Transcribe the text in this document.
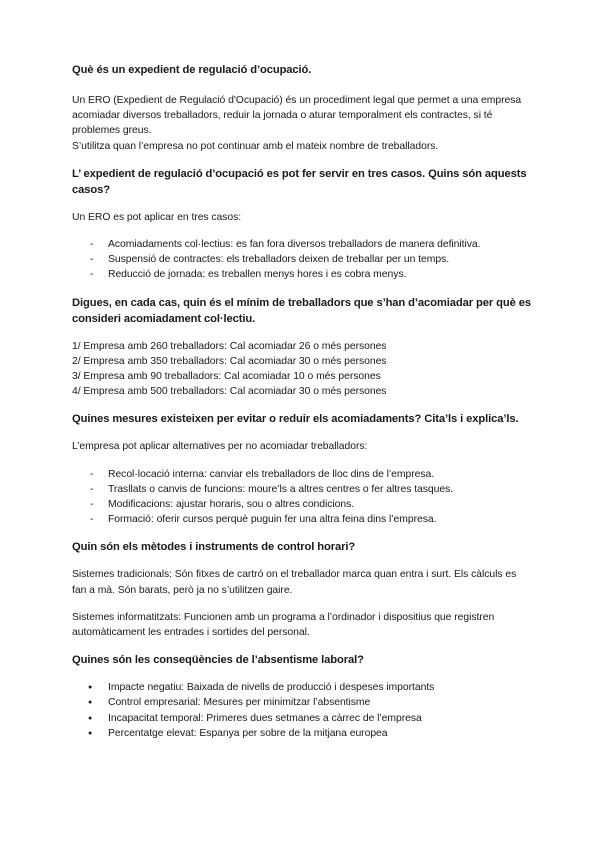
Què és un expedient de regulació d’ocupació.
Un ERO (Expedient de Regulació d'Ocupació) és un procediment legal que permet a una empresa acomiadar diversos treballadors, reduir la jornada o aturar temporalment els contractes, si té problemes greus.
S’utilitza quan l’empresa no pot continuar amb el mateix nombre de treballadors.
L’ expedient de regulació d’ocupació es pot fer servir en tres casos. Quins són aquests casos?
Un ERO es pot aplicar en tres casos:
- Acomiadaments col·lectius: es fan fora diversos treballadors de manera definitiva.
- Suspensió de contractes: els treballadors deixen de treballar per un temps.
- Reducció de jornada: es treballen menys hores i es cobra menys.
Digues, en cada cas, quin és el mínim de treballadors que s’han d’acomiadar per què es consideri acomiadament col·lectiu.
1/ Empresa amb 260 treballadors: Cal acomiadar 26 o més persones
2/ Empresa amb 350 treballadors: Cal acomiadar 30 o més persones
3/ Empresa amb 90 treballadors: Cal acomiadar 10 o més persones
4/ Empresa amb 500 treballadors: Cal acomiadar 30 o més persones
Quines mesures existeixen per evitar o reduir els acomiadaments? Cita’ls i explica’ls.
L’empresa pot aplicar alternatives per no acomiadar treballadors:
- Recol·locació interna: canviar els treballadors de lloc dins de l’empresa.
- Trasllats o canvis de funcions: moure’ls a altres centres o fer altres tasques.
- Modificacions: ajustar horaris, sou o altres condicions.
- Formació: oferir cursos perquè puguin fer una altra feina dins l’empresa.
Quin són els mètodes i instruments de control horari?
Sistemes tradicionals: Són fitxes de cartró on el treballador marca quan entra i surt. Els càlculs es fan a mà. Són barats, però ja no s’utilitzen gaire.
Sistemes informatitzats: Funcionen amb un programa a l’ordinador i dispositius que registren automàticament les entrades i sortides del personal.
Quines són les conseqüències de l’absentisme laboral?
● Impacte negatiu: Baixada de nivells de producció i despeses importants
● Control empresarial: Mesures per minimitzar l’absentisme
● Incapacitat temporal: Primeres dues setmanes a càrrec de l’empresa
● Percentatge elevat: Espanya per sobre de la mitjana europea
